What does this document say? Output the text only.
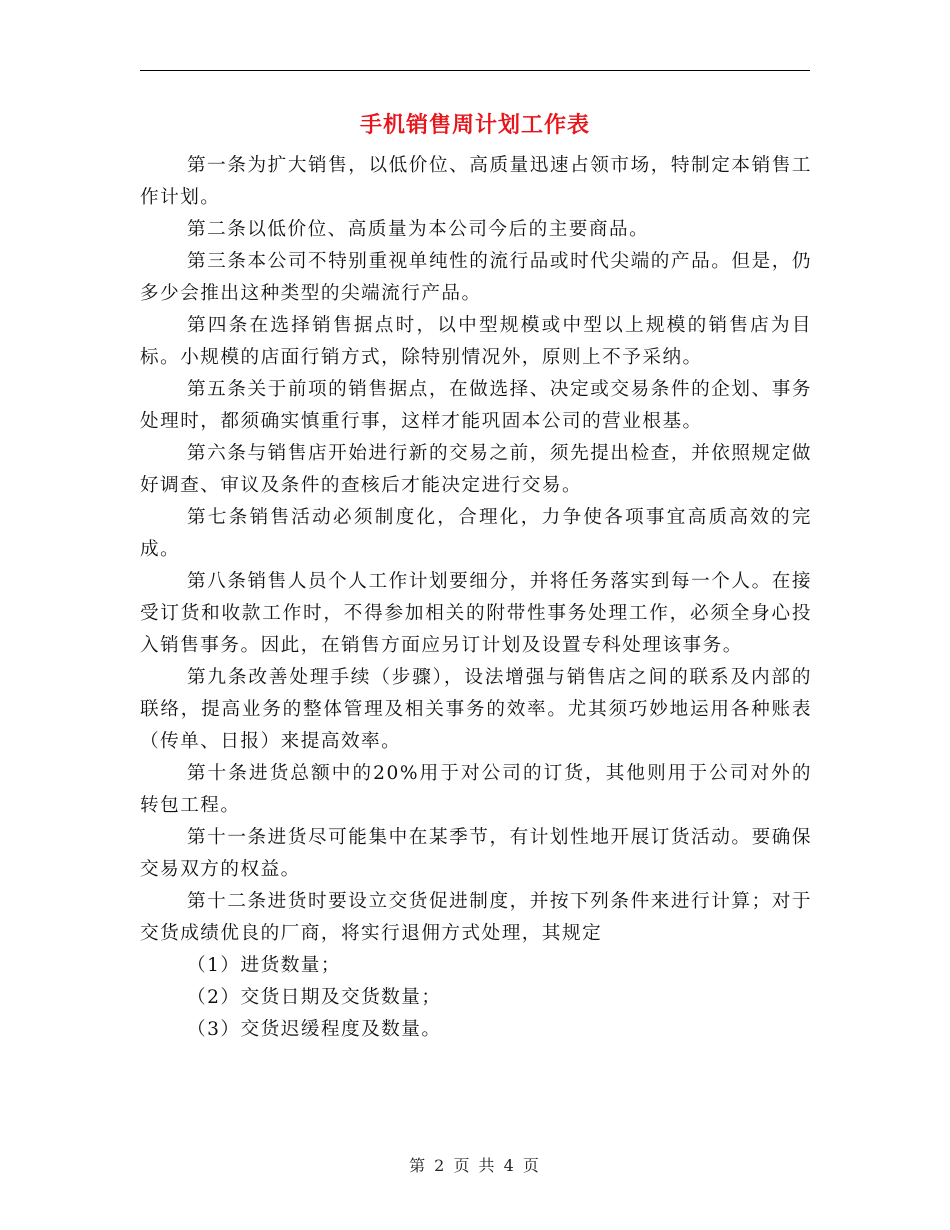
手机销售周计划工作表

第一条为扩大销售，以低价位、高质量迅速占领市场，特制定本销售工作计划。

第二条以低价位、高质量为本公司今后的主要商品。

第三条本公司不特别重视单纯性的流行品或时代尖端的产品。但是，仍多少会推出这种类型的尖端流行产品。

第四条在选择销售据点时，以中型规模或中型以上规模的销售店为目标。小规模的店面行销方式，除特别情况外，原则上不予采纳。

第五条关于前项的销售据点，在做选择、决定或交易条件的企划、事务处理时，都须确实慎重行事，这样才能巩固本公司的营业根基。

第六条与销售店开始进行新的交易之前，须先提出检查，并依照规定做好调查、审议及条件的查核后才能决定进行交易。

第七条销售活动必须制度化，合理化，力争使各项事宜高质高效的完成。

第八条销售人员个人工作计划要细分，并将任务落实到每一个人。在接受订货和收款工作时，不得参加相关的附带性事务处理工作，必须全身心投入销售事务。因此，在销售方面应另订计划及设置专科处理该事务。

第九条改善处理手续（步骤），设法增强与销售店之间的联系及内部的联络，提高业务的整体管理及相关事务的效率。尤其须巧妙地运用各种账表（传单、日报）来提高效率。

第十条进货总额中的20%用于对公司的订货，其他则用于公司对外的转包工程。

第十一条进货尽可能集中在某季节，有计划性地开展订货活动。要确保交易双方的权益。

第十二条进货时要设立交货促进制度，并按下列条件来进行计算；对于交货成绩优良的厂商，将实行退佣方式处理，其规定

（1）进货数量；

（2）交货日期及交货数量；

（3）交货迟缓程度及数量。

第 2 页 共 4 页
